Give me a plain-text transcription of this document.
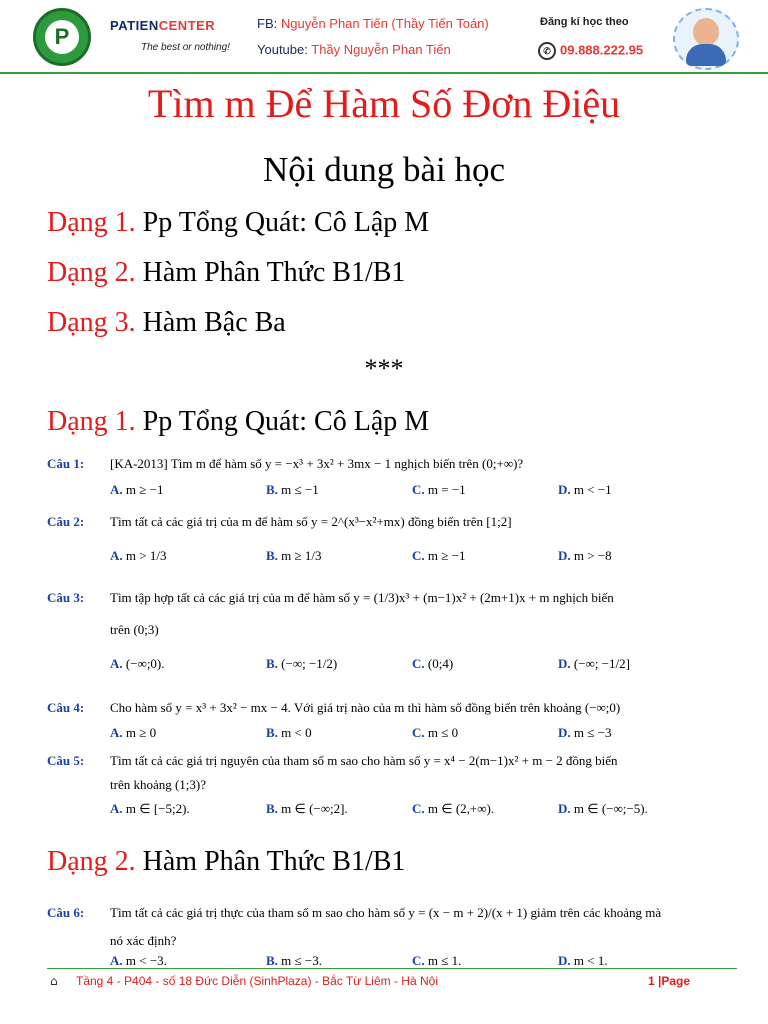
P	PATIENCENTER
The best or nothing!
FB: Nguyễn Phan Tiến (Thầy Tiến Toán)
Youtube: Thầy Nguyễn Phan Tiến
Đăng kí học theo
✆ 09.888.222.95
Tìm m Để Hàm Số Đơn Điệu
Nội dung bài học
Dạng 1. Pp Tổng Quát: Cô Lập M
Dạng 2. Hàm Phân Thức B1/B1
Dạng 3. Hàm Bậc Ba
***
Dạng 1. Pp Tổng Quát: Cô Lập M
Câu 1: [KA-2013] Tìm m để hàm số y = −x³ + 3x² + 3mx − 1 nghịch biến trên (0;+∞)?
A. m ≥ −1	B. m ≤ −1	C. m = −1	D. m < −1
Câu 2: Tìm tất cả các giá trị của m để hàm số y = 2^(x³−x²+mx) đồng biến trên [1;2]
A. m > 1/3	B. m ≥ 1/3	C. m ≥ −1	D. m > −8
Câu 3: Tìm tập hợp tất cả các giá trị của m để hàm số y = (1/3)x³ + (m−1)x² + (2m+1)x + m nghịch biến
trên (0;3)
A. (−∞;0).	B. (−∞; −1/2)	C. (0;4)	D. (−∞; −1/2]
Câu 4: Cho hàm số y = x³ + 3x² − mx − 4. Với giá trị nào của m thì hàm số đồng biến trên khoảng (−∞;0)
A. m ≥ 0	B. m < 0	C. m ≤ 0	D. m ≤ −3
Câu 5: Tìm tất cả các giá trị nguyên của tham số m sao cho hàm số y = x⁴ − 2(m−1)x² + m − 2 đồng biến
trên khoảng (1;3)?
A. m ∈ [−5;2).	B. m ∈ (−∞;2].	C. m ∈ (2,+∞).	D. m ∈ (−∞;−5).
Dạng 2. Hàm Phân Thức B1/B1
Câu 6: Tìm tất cả các giá trị thực của tham số m sao cho hàm số y = (x − m + 2)/(x + 1) giảm trên các khoảng mà
nó xác định?
A. m < −3.	B. m ≤ −3.	C. m ≤ 1.	D. m < 1.
⌂ Tầng 4 - P404 - số 18 Đức Diễn (SinhPlaza) - Bắc Từ Liêm - Hà Nội	1 |Page
